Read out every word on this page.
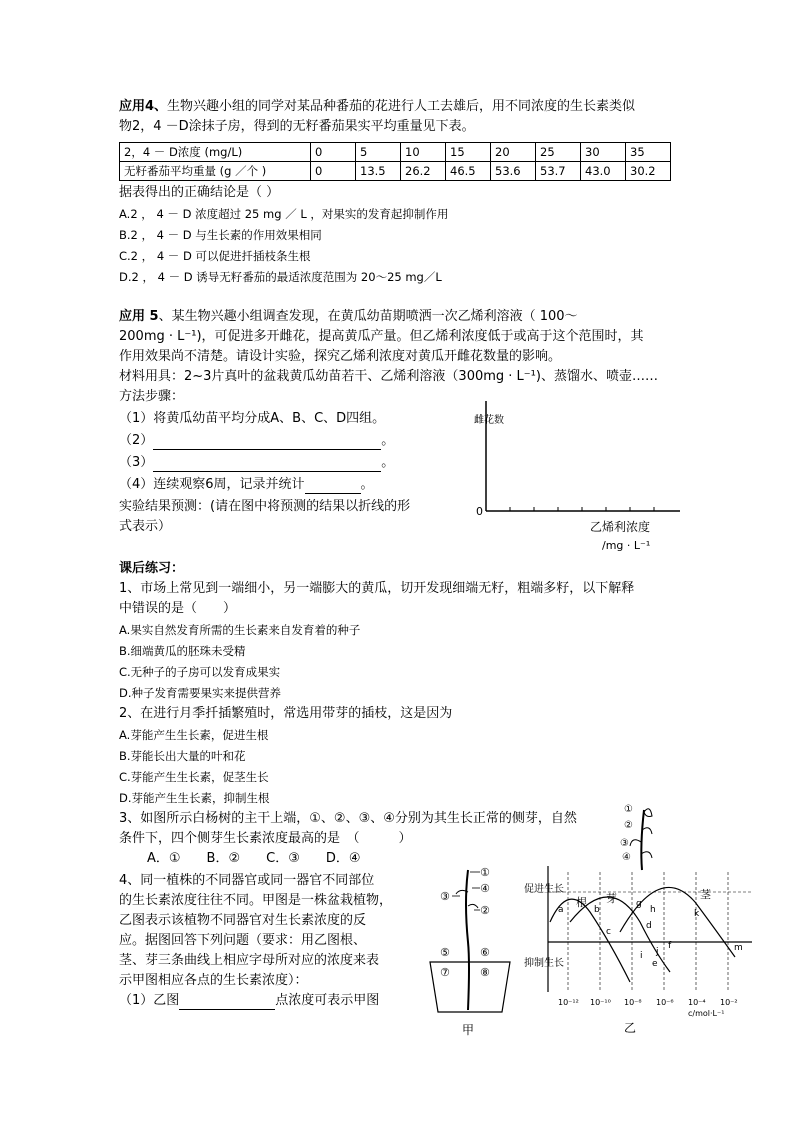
应用4、生物兴趣小组的同学对某品种番茄的花进行人工去雄后，用不同浓度的生长素类似
物2，4 －D涂抹子房，得到的无籽番茄果实平均重量见下表。
2，4 － D浓度 (mg/L)	0	5	10	15	20	25	30	35
无籽番茄平均重量 (g ／个 )	0	13.5	26.2	46.5	53.6	53.7	43.0	30.2
据表得出的正确结论是（ ）
A.2 ， 4 － D 浓度超过 25 mg ／ L ，对果实的发育起抑制作用
B.2 ， 4 － D 与生长素的作用效果相同
C.2 ， 4 － D 可以促进扦插枝条生根
D.2 ， 4 － D 诱导无籽番茄的最适浓度范围为 20～25 mg／L
应用 5、某生物兴趣小组调查发现，在黄瓜幼苗期喷洒一次乙烯利溶液（ 100～
200mg · L⁻¹)，可促进多开雌花，提高黄瓜产量。但乙烯利浓度低于或高于这个范围时，其
作用效果尚不清楚。请设计实验，探究乙烯利浓度对黄瓜开雌花数量的影响。
材料用具：2~3片真叶的盆栽黄瓜幼苗若干、乙烯利溶液（300mg · L⁻¹)、蒸馏水、喷壶……
方法步骤：
（1）将黄瓜幼苗平均分成A、B、C、D四组。
（2）	。
（3）	。
（4）连续观察6周，记录并统计	。
实验结果预测：(请在图中将预测的结果以折线的形
式表示）
课后练习：
1、市场上常见到一端细小，另一端膨大的黄瓜，切开发现细端无籽，粗端多籽，以下解释
中错误的是（　　）
A.果实自然发育所需的生长素来自发育着的种子
B.细端黄瓜的胚珠未受精
C.无种子的子房可以发育成果实
D.种子发育需要果实来提供营养
2、在进行月季扦插繁殖时，常选用带芽的插枝，这是因为
A.芽能产生生长素，促进生根
B.芽能长出大量的叶和花
C.芽能产生生长素，促茎生长
D.芽能产生生长素，抑制生根
3、如图所示白杨树的主干上端，①、②、③、④分别为其生长正常的侧芽，自然
条件下，四个侧芽生长素浓度最高的是　（　　　）
A．①　　B．②　　C．③　　D．④
4、同一植株的不同器官或同一器官不同部位
的生长素浓度往往不同。甲图是一株盆栽植物，
乙图表示该植物不同器官对生长素浓度的反
应。据图回答下列问题（要求：用乙图根、
茎、芽三条曲线上相应字母所对应的浓度来表
示甲图相应各点的生长素浓度）：
（1）乙图	点浓度可表示甲图
雌花数
0
乙烯利浓度
/mg · L⁻¹
①
②
③
④
①
④
②
③
⑤	⑥
⑦	⑧
甲
促进生长
抑制生长
根 芽	茎
a	b
c
d
e
f
g
h
i j
k
m
10⁻¹² 10⁻¹⁰ 10⁻⁸ 10⁻⁶ 10⁻⁴ 10⁻²
c/mol·L⁻¹
乙
